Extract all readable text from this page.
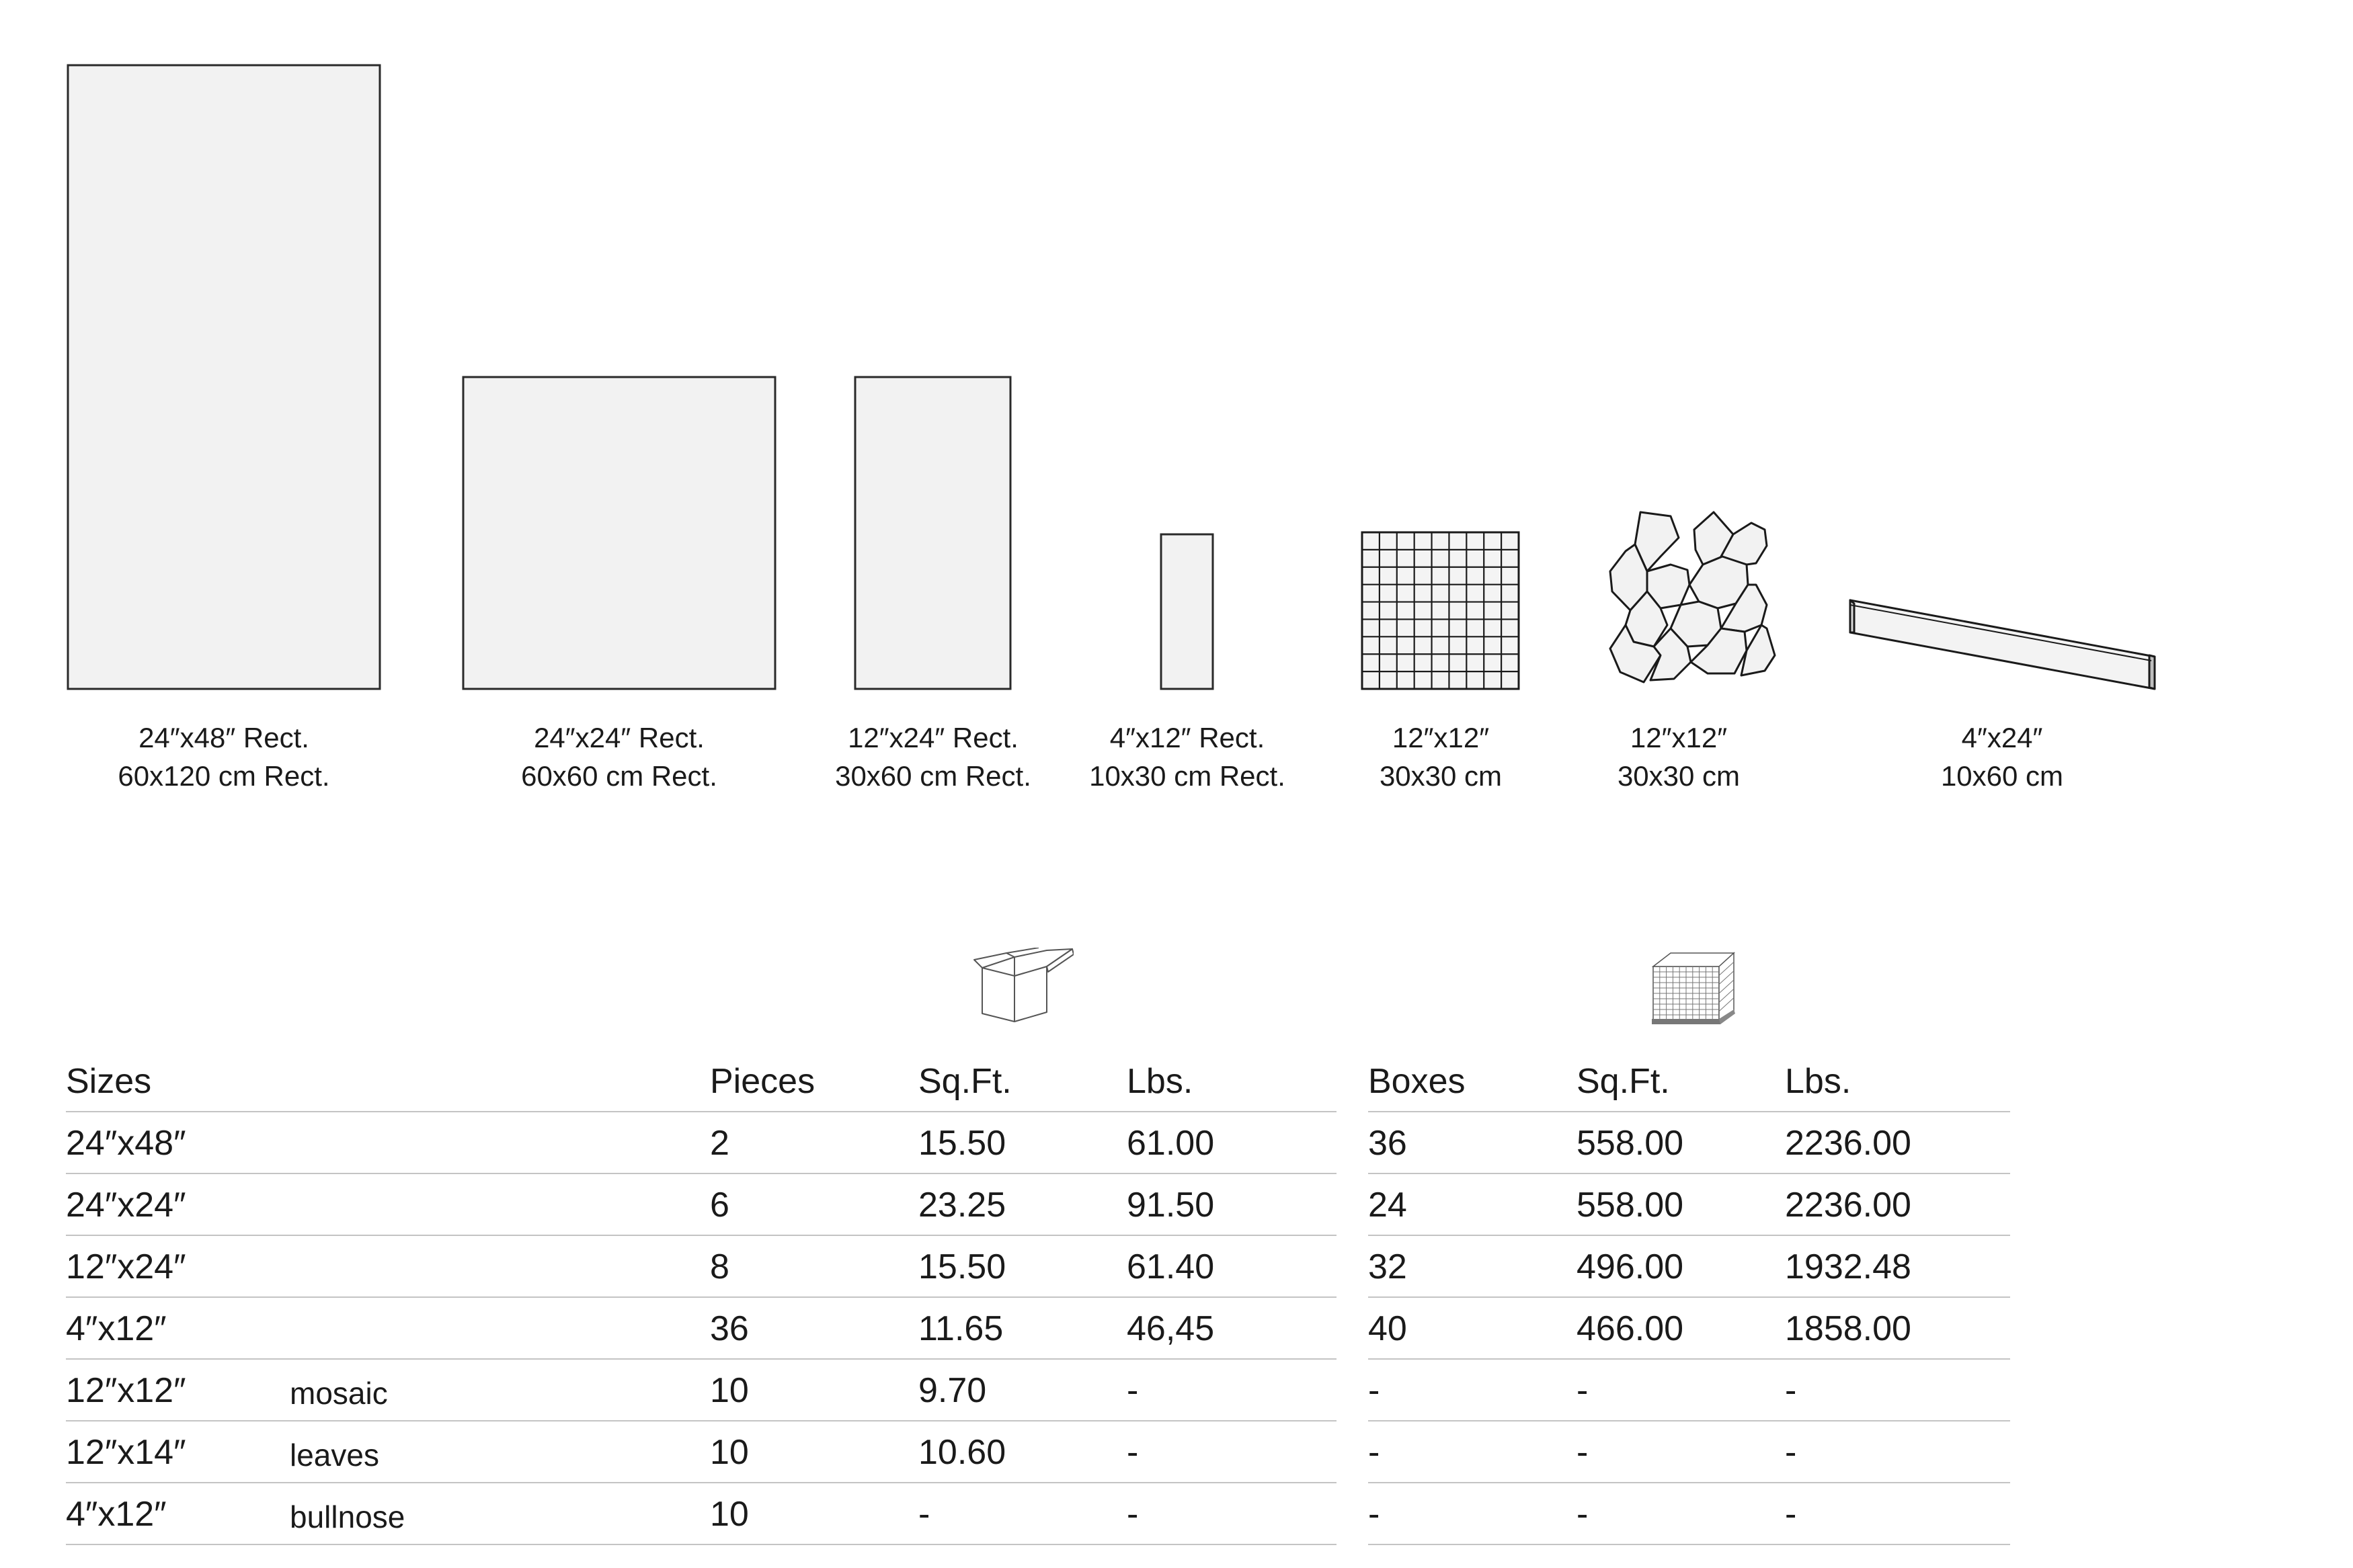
24″x48″ Rect.
60x120 cm Rect.
24″x24″ Rect.
60x60 cm Rect.
12″x24″ Rect.
30x60 cm Rect.
4″x12″ Rect.
10x30 cm Rect.
12″x12″
30x30 cm
12″x12″
30x30 cm
4″x24″
10x60 cm
Sizes	Pieces	Sq.Ft.	Lbs.	Boxes	Sq.Ft.	Lbs.
24″x48″	2	15.50	61.00	36	558.00	2236.00
24″x24″	6	23.25	91.50	24	558.00	2236.00
12″x24″	8	15.50	61.40	32	496.00	1932.48
4″x12″	36	11.65	46,45	40	466.00	1858.00
12″x12″	mosaic	10	9.70	-	-	-	-
12″x14″	leaves	10	10.60	-	-	-	-
4″x12″	bullnose	10	-	-	-	-	-
